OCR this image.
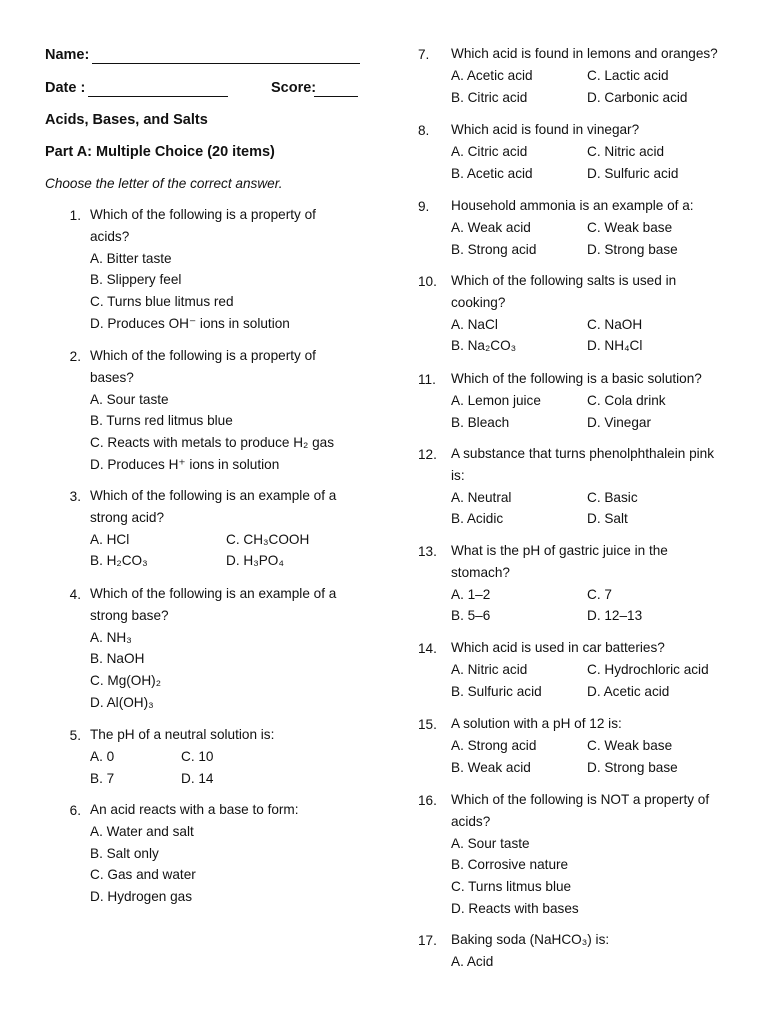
Name:
Date :	Score:
Acids, Bases, and Salts
Part A: Multiple Choice (20 items)
Choose the letter of the correct answer.
1. Which of the following is a property of
acids?
A. Bitter taste
B. Slippery feel
C. Turns blue litmus red
D. Produces OH⁻ ions in solution
2. Which of the following is a property of
bases?
A. Sour taste
B. Turns red litmus blue
C. Reacts with metals to produce H₂ gas
D. Produces H⁺ ions in solution
3. Which of the following is an example of a
strong acid?
A. HCl	C. CH₃COOH
B. H₂CO₃	D. H₃PO₄
4. Which of the following is an example of a
strong base?
A. NH₃
B. NaOH
C. Mg(OH)₂
D. Al(OH)₃
5. The pH of a neutral solution is:
A. 0	C. 10
B. 7	D. 14
6. An acid reacts with a base to form:
A. Water and salt
B. Salt only
C. Gas and water
D. Hydrogen gas
7.	Which acid is found in lemons and oranges?
A. Acetic acid	C. Lactic acid
B. Citric acid	D. Carbonic acid
8.	Which acid is found in vinegar?
A. Citric acid	C. Nitric acid
B. Acetic acid	D. Sulfuric acid
9.	Household ammonia is an example of a:
A. Weak acid	C. Weak base
B. Strong acid	D. Strong base
10.	Which of the following salts is used in
cooking?
A. NaCl	C. NaOH
B. Na₂CO₃	D. NH₄Cl
11.	Which of the following is a basic solution?
A. Lemon juice	C. Cola drink
B. Bleach	D. Vinegar
12.	A substance that turns phenolphthalein pink
is:
A. Neutral	C. Basic
B. Acidic	D. Salt
13.	What is the pH of gastric juice in the
stomach?
A. 1–2	C. 7
B. 5–6	D. 12–13
14.	Which acid is used in car batteries?
A. Nitric acid	C. Hydrochloric acid
B. Sulfuric acid	D. Acetic acid
15.	A solution with a pH of 12 is:
A. Strong acid	C. Weak base
B. Weak acid	D. Strong base
16.	Which of the following is NOT a property of
acids?
A. Sour taste
B. Corrosive nature
C. Turns litmus blue
D. Reacts with bases
17.	Baking soda (NaHCO₃) is:
A. Acid
